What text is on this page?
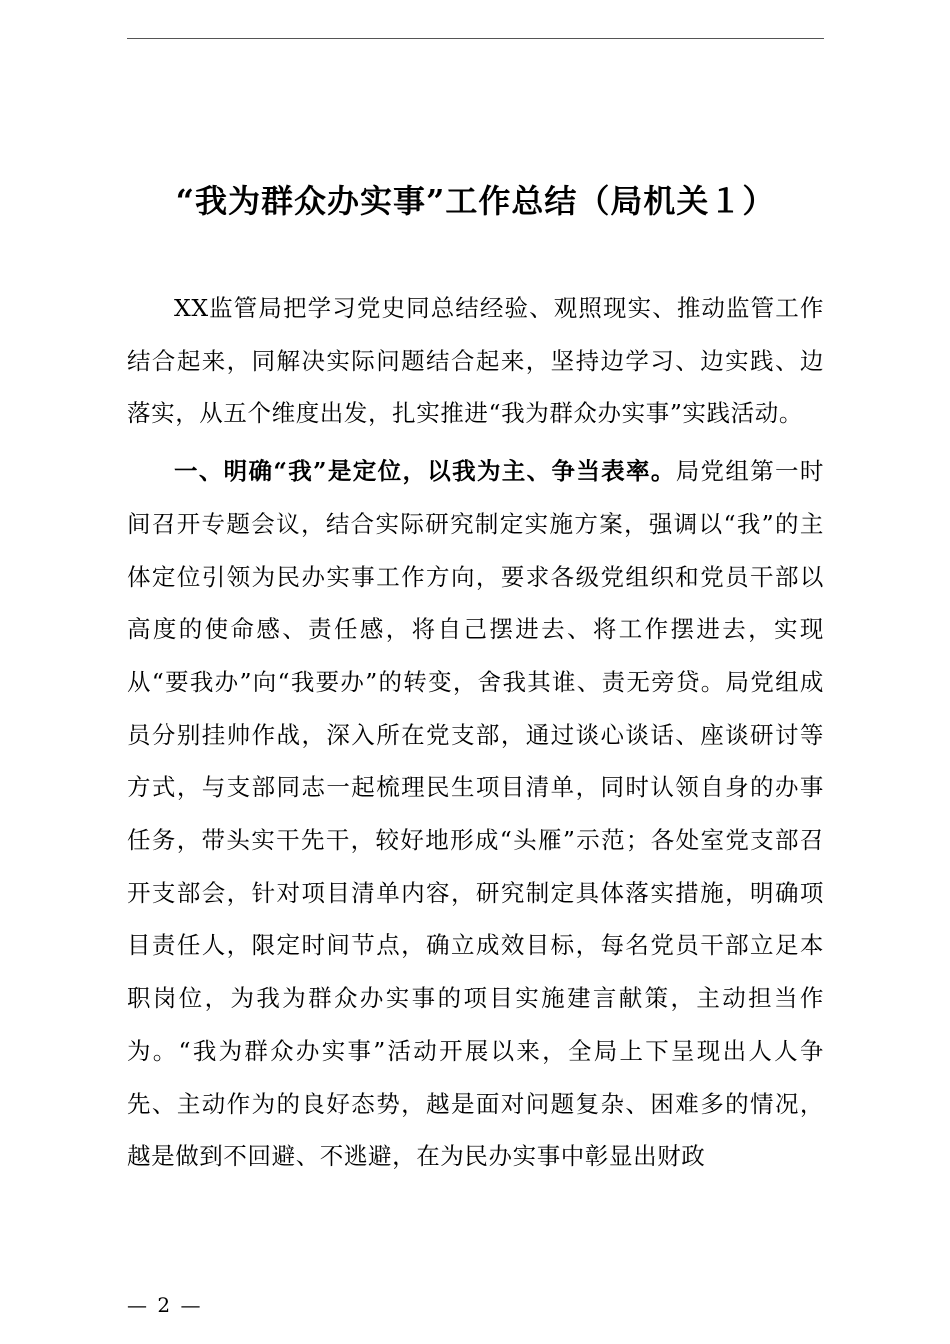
“我为群众办实事”工作总结（局机关１）

XX监管局把学习党史同总结经验、观照现实、推动监管工作结合起来，同解决实际问题结合起来，坚持边学习、边实践、边落实，从五个维度出发，扎实推进“我为群众办实事”实践活动。

一、明确“我”是定位，以我为主、争当表率。局党组第一时间召开专题会议，结合实际研究制定实施方案，强调以“我”的主体定位引领为民办实事工作方向，要求各级党组织和党员干部以高度的使命感、责任感，将自己摆进去、将工作摆进去，实现从“要我办”向“我要办”的转变，舍我其谁、责无旁贷。局党组成员分别挂帅作战，深入所在党支部，通过谈心谈话、座谈研讨等方式，与支部同志一起梳理民生项目清单，同时认领自身的办事任务，带头实干先干，较好地形成“头雁”示范；各处室党支部召开支部会，针对项目清单内容，研究制定具体落实措施，明确项目责任人，限定时间节点，确立成效目标，每名党员干部立足本职岗位，为我为群众办实事的项目实施建言献策，主动担当作为。“我为群众办实事”活动开展以来，全局上下呈现出人人争先、主动作为的良好态势，越是面对问题复杂、困难多的情况，越是做到不回避、不逃避，在为民办实事中彰显出财政

— 2 —
